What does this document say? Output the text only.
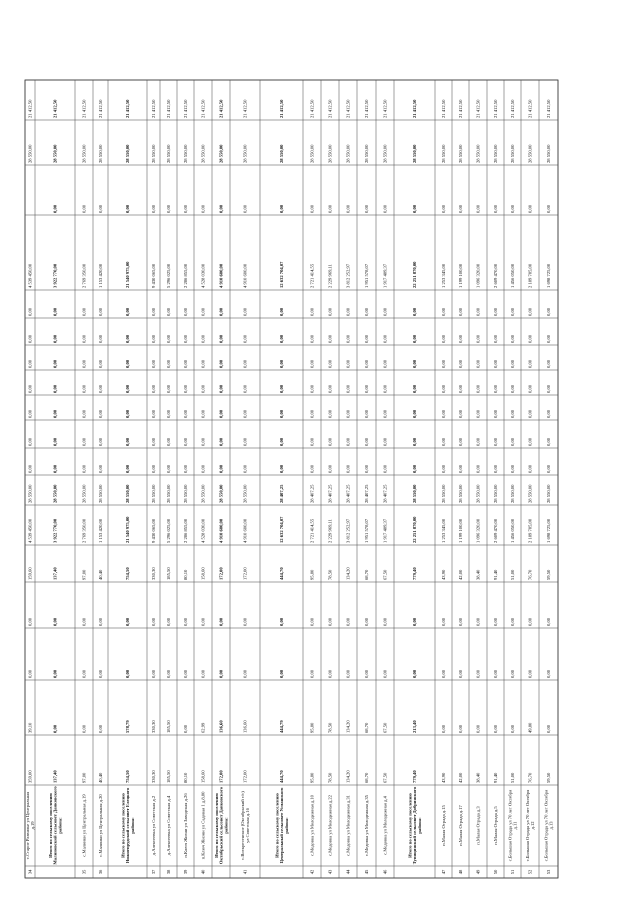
34
с.Старое Развилье ул Центральнаяд.19
359,00
39,10
0,00
0,00
159,60
4 539 450,00
28 550,00
0,00
0,00
0,00
0,00
0,00
0,00
0,00
4 539 450,00
28 550,00
21 412,50
Итого по сельскому поселениюМалиновский сельсовет Данковскогорайона:
137,40
0,00
0,00
0,00
137,40
3 922 770,00
28 550,00
0,00
0,00
0,00
0,00
0,00
0,00
0,00
3 922 770,00
0,00
28 550,00
21 412,50
35
с.Малинки ул Центральная д.19
97,00
0,00
0,00
0,00
97,00
2 769 350,00
28 550,00
0,00
0,00
0,00
0,00
0,00
0,00
0,00
2 769 350,00
0,00
28 550,00
21 412,50
36
с.Малинки ул Центральная д.20
40,40
0,00
0,00
0,00
40,40
1 153 420,00
28 550,00
0,00
0,00
0,00
0,00
0,00
0,00
0,00
1 153 420,00
0,00
28 550,00
21 412,50
Итого по сельскому поселениюНижнепрудский сельсовет Елецкогорайона:
754,50
578,79
0,00
0,00
754,50
21 540 975,00
28 550,00
0,00
0,00
0,00
0,00
0,00
0,00
0,00
21 540 975,00
0,00
28 550,00
21 412,50
37
д.Алексеевка ул Советская д.2
330,30
330,30
0,00
0,00
330,30
9 430 065,00
28 550,00
0,00
0,00
0,00
0,00
0,00
0,00
0,00
9 430 065,00
0,00
28 550,00
21 412,50
38
д.Алексеевка ул Советская д.4
185,50
185,50
0,00
0,00
185,50
5 296 025,00
28 550,00
0,00
0,00
0,00
0,00
0,00
0,00
0,00
5 296 025,00
0,00
28 550,00
21 412,50
39
п.Ключ Жизни ул Заводская д.26
80,10
0,00
0,00
0,00
80,10
2 286 855,00
28 550,00
0,00
0,00
0,00
0,00
0,00
0,00
0,00
2 286 855,00
0,00
28 550,00
21 412,50
40
п.Ключ Жизни ул Садовая 1 д.8,80
158,60
62,99
0,00
0,00
158,60
4 528 030,00
28 550,00
0,00
0,00
0,00
0,00
0,00
0,00
0,00
4 528 030,00
0,00
28 550,00
21 412,50
Итого по сельскому поселениюОктябрьский сельсовет Данковскогорайона:
172,00
136,60
0,00
0,00
172,00
4 910 600,00
28 550,00
0,00
0,00
0,00
0,00
0,00
0,00
0,00
4 910 600,00
0,00
28 550,00
21 412,50
41
с.Воскресенское (Октябрьский с/с)ул Советская д.16
172,00
136,60
0,00
0,00
172,00
4 910 600,00
28 550,00
0,00
0,00
0,00
0,00
0,00
0,00
0,00
4 910 600,00
0,00
28 550,00
21 412,50
Итого по сельскому поселениюЦентральный сельсовет Усманскогорайона:
444,70
444,79
0,00
0,00
444,70
12 632 704,07
28 407,25
0,00
0,00
0,00
0,00
0,00
0,00
0,00
12 632 704,07
0,00
28 550,00
21 412,50
42
с.Медовка ул Молодежная д.10
95,80
95,80
0,00
0,00
95,80
2 721 414,55
28 407,25
0,00
0,00
0,00
0,00
0,00
0,00
0,00
2 721 414,55
0,00
28 550,00
21 412,50
43
с.Медовка ул Молодежная д.22
78,50
78,50
0,00
0,00
78,50
2 229 969,11
28 407,25
0,00
0,00
0,00
0,00
0,00
0,00
0,00
2 229 969,11
0,00
28 550,00
21 412,50
44
с.Медовка ул Молодежная д.31
134,20
134,20
0,00
0,00
134,20
3 812 252,97
28 407,25
0,00
0,00
0,00
0,00
0,00
0,00
0,00
3 812 252,97
0,00
28 550,00
21 412,50
45
с.Медовка ул Молодежная д.35
68,70
68,70
0,00
0,00
68,70
1 951 578,07
28 407,25
0,00
0,00
0,00
0,00
0,00
0,00
0,00
1 951 578,07
0,00
28 550,00
21 412,50
46
с.Медовка ул Молодежная д.4
67,50
67,50
0,00
0,00
67,50
1 917 489,37
28 407,25
0,00
0,00
0,00
0,00
0,00
0,00
0,00
1 917 489,37
0,00
28 550,00
21 412,50
Итого по сельскому поселениюТупицинский сельсовет Добринскогорайона:
779,40
213,40
0,00
0,00
779,40
22 251 870,00
28 550,00
0,00
0,00
0,00
0,00
0,00
0,00
0,00
22 251 870,00
0,00
28 550,00
21 412,50
47
п.Малая Отрада д.15
43,90
0,00
0,00
0,00
43,90
1 253 345,00
28 550,00
0,00
0,00
0,00
0,00
0,00
0,00
0,00
1 253 345,00
0,00
28 550,00
21 412,50
48
п.Малая Отрада д.17
42,00
0,00
0,00
0,00
42,00
1 199 100,00
28 550,00
0,00
0,00
0,00
0,00
0,00
0,00
0,00
1 199 100,00
0,00
28 550,00
21 412,50
49
п.Малая Отрада д.3
38,40
0,00
0,00
0,00
38,40
1 096 320,00
28 550,00
0,00
0,00
0,00
0,00
0,00
0,00
0,00
1 096 320,00
0,00
28 550,00
21 412,50
50
п.Малая Отрада д.5
91,40
0,00
0,00
0,00
91,40
2 609 470,00
28 550,00
0,00
0,00
0,00
0,00
0,00
0,00
0,00
2 609 470,00
0,00
28 550,00
21 412,50
51
с.Большая Отрада ул 70 лет Октябряд.11
51,00
0,00
0,00
0,00
51,00
1 456 050,00
28 550,00
0,00
0,00
0,00
0,00
0,00
0,00
0,00
1 456 050,00
0,00
28 550,00
21 412,50
52
с.Большая Отрада ул 70 лет Октябряд.12
76,70
49,80
0,00
0,00
76,70
2 189 785,00
28 550,00
0,00
0,00
0,00
0,00
0,00
0,00
0,00
2 189 785,00
0,00
28 550,00
21 412,50
53
с.Большая Отрада ул 70 лет Октябряд.13
59,50
0,00
0,00
0,00
59,50
1 698 725,00
28 550,00
0,00
0,00
0,00
0,00
0,00
0,00
0,00
1 698 725,00
0,00
28 550,00
21 412,50
